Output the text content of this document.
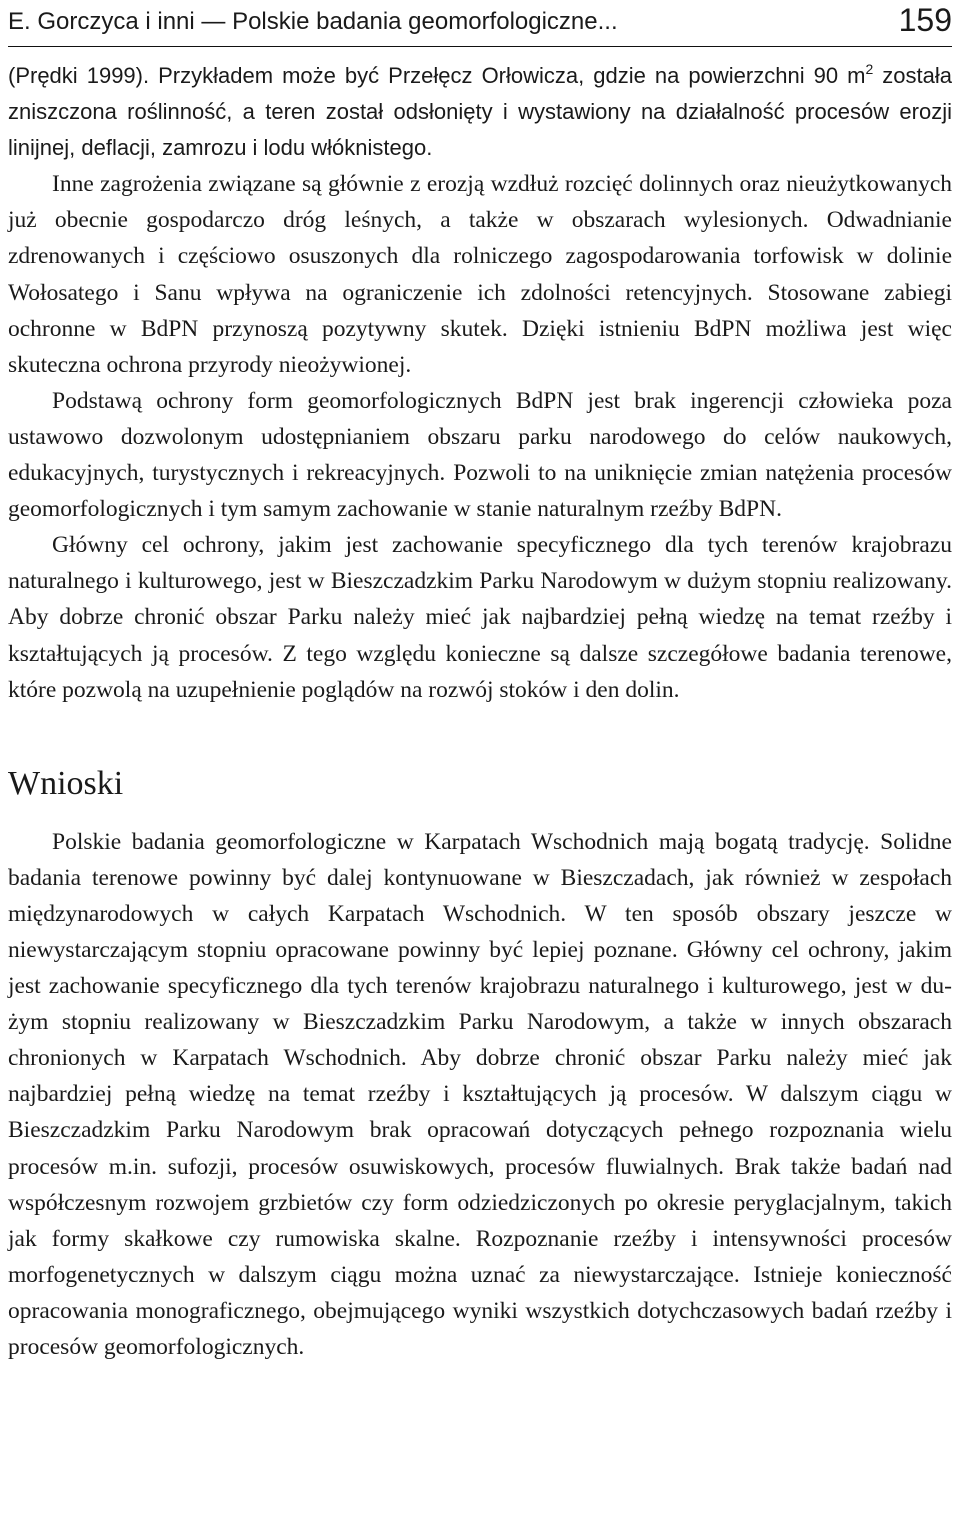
E. Gorczyca i inni — Polskie badania geomorfologiczne...	159

(Prędki 1999). Przykładem może być Przełęcz Orłowicza, gdzie na powierzchni 90 $m^2$ została zniszczona roślinność, a teren został odsłonięty i wystawiony na działalność procesów erozji linijnej, deflacji, zamrozu i lodu włóknistego.

Inne zagrożenia związane są głównie z erozją wzdłuż rozcięć dolinnych oraz nieużytkowanych już obecnie gospodarczo dróg leśnych, a także w obszarach wylesionych. Odwadnianie zdrenowanych i częściowo osuszonych dla rolniczego zagospodarowania torfowisk w dolinie Wołosatego i Sanu wpływa na ograniczenie ich zdolności retencyjnych. Stosowane zabiegi ochronne w BdPN przynoszą pozytywny skutek. Dzięki istnieniu BdPN możliwa jest więc skuteczna ochrona przyrody nieożywionej.

Podstawą ochrony form geomorfologicznych BdPN jest brak ingerencji człowieka poza ustawowo dozwolonym udostępnianiem obszaru parku narodowego do celów naukowych, edukacyjnych, turystycznych i rekreacyjnych. Pozwoli to na uniknięcie zmian natężenia procesów geomorfologicznych i tym samym zachowanie w stanie naturalnym rzeźby BdPN.

Główny cel ochrony, jakim jest zachowanie specyficznego dla tych terenów krajobrazu naturalnego i kulturowego, jest w Bieszczadzkim Parku Narodowym w dużym stopniu realizowany. Aby dobrze chronić obszar Parku należy mieć jak najbardziej pełną wiedzę na temat rzeźby i kształtujących ją procesów. Z tego względu konieczne są dalsze szczegółowe badania terenowe, które pozwolą na uzupełnienie poglądów na rozwój stoków i den dolin.

Wnioski

Polskie badania geomorfologiczne w Karpatach Wschodnich mają bogatą tradycję. Solidne badania terenowe powinny być dalej kontynuowane w Bieszczadach, jak również w zespołach międzynarodowych w całych Karpatach Wschodnich. W ten sposób obszary jeszcze w niewystarczającym stopniu opracowane powinny być lepiej poznane. Główny cel ochrony, jakim jest zachowanie specyficznego dla tych terenów krajobrazu naturalnego i kulturowego, jest w dużym stopniu realizowany w Bieszczadzkim Parku Narodowym, a także w innych obszarach chronionych w Karpatach Wschodnich. Aby dobrze chronić obszar Parku należy mieć jak najbardziej pełną wiedzę na temat rzeźby i kształtujących ją procesów. W dalszym ciągu w Bieszczadzkim Parku Narodowym brak opracowań dotyczących pełnego rozpoznania wielu procesów m.in. sufozji, procesów osuwiskowych, procesów fluwialnych. Brak także badań nad współczesnym rozwojem grzbietów czy form odziedziczonych po okresie peryglacjalnym, takich jak formy skałkowe czy rumowiska skalne. Rozpoznanie rzeźby i intensywności procesów morfogenetycznych w dalszym ciągu można uznać za niewystarczające. Istnieje konieczność opracowania monograficznego, obejmującego wyniki wszystkich dotychczasowych badań rzeźby i procesów geomorfologicznych.
